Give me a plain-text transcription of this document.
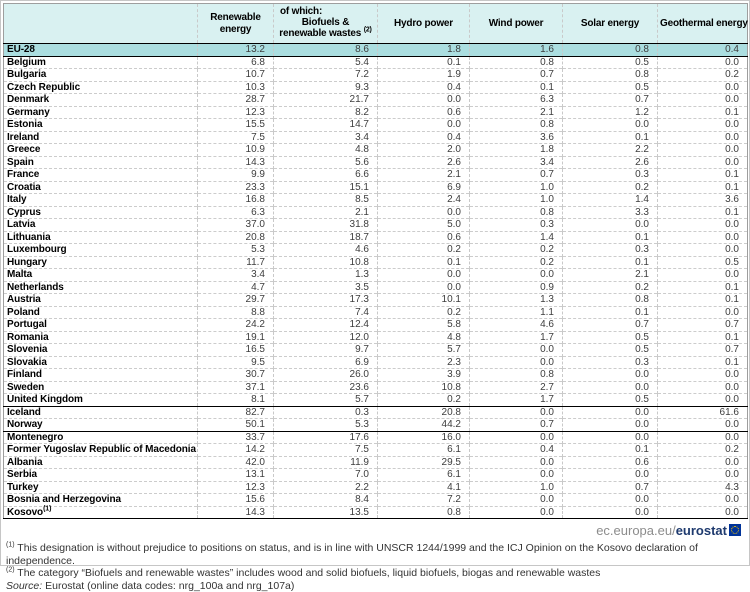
	Renewable energy	of which:
Biofuels &
renewable wastes $^{(2)}$	Hydro power	Wind power	Solar energy	Geothermal energy
EU-28	13.2	8.6	1.8	1.6	0.8	0.4
Belgium	6.8	5.4	0.1	0.8	0.5	0.0
Bulgaria	10.7	7.2	1.9	0.7	0.8	0.2
Czech Republic	10.3	9.3	0.4	0.1	0.5	0.0
Denmark	28.7	21.7	0.0	6.3	0.7	0.0
Germany	12.3	8.2	0.6	2.1	1.2	0.1
Estonia	15.5	14.7	0.0	0.8	0.0	0.0
Ireland	7.5	3.4	0.4	3.6	0.1	0.0
Greece	10.9	4.8	2.0	1.8	2.2	0.0
Spain	14.3	5.6	2.6	3.4	2.6	0.0
France	9.9	6.6	2.1	0.7	0.3	0.1
Croatia	23.3	15.1	6.9	1.0	0.2	0.1
Italy	16.8	8.5	2.4	1.0	1.4	3.6
Cyprus	6.3	2.1	0.0	0.8	3.3	0.1
Latvia	37.0	31.8	5.0	0.3	0.0	0.0
Lithuania	20.8	18.7	0.6	1.4	0.1	0.0
Luxembourg	5.3	4.6	0.2	0.2	0.3	0.0
Hungary	11.7	10.8	0.1	0.2	0.1	0.5
Malta	3.4	1.3	0.0	0.0	2.1	0.0
Netherlands	4.7	3.5	0.0	0.9	0.2	0.1
Austria	29.7	17.3	10.1	1.3	0.8	0.1
Poland	8.8	7.4	0.2	1.1	0.1	0.0
Portugal	24.2	12.4	5.8	4.6	0.7	0.7
Romania	19.1	12.0	4.8	1.7	0.5	0.1
Slovenia	16.5	9.7	5.7	0.0	0.5	0.7
Slovakia	9.5	6.9	2.3	0.0	0.3	0.1
Finland	30.7	26.0	3.9	0.8	0.0	0.0
Sweden	37.1	23.6	10.8	2.7	0.0	0.0
United Kingdom	8.1	5.7	0.2	1.7	0.5	0.0
Iceland	82.7	0.3	20.8	0.0	0.0	61.6
Norway	50.1	5.3	44.2	0.7	0.0	0.0
Montenegro	33.7	17.6	16.0	0.0	0.0	0.0
Former Yugoslav Republic of Macedonia	14.2	7.5	6.1	0.4	0.1	0.2
Albania	42.0	11.9	29.5	0.0	0.6	0.0
Serbia	13.1	7.0	6.1	0.0	0.0	0.0
Turkey	12.3	2.2	4.1	1.0	0.7	4.3
Bosnia and Herzegovina	15.6	8.4	7.2	0.0	0.0	0.0
Kosovo$^{(1)}$	14.3	13.5	0.8	0.0	0.0	0.0
ec.europa.eu/eurostat
$^{(1)}$ This designation is without prejudice to positions on status, and is in line with UNSCR 1244/1999 and the ICJ Opinion on the Kosovo declaration of independence.
$^{(2)}$ The category “Biofuels and renewable wastes” includes wood and solid biofuels, liquid biofuels, biogas and renewable wastes
Source: Eurostat (online data codes: nrg_100a and nrg_107a)
